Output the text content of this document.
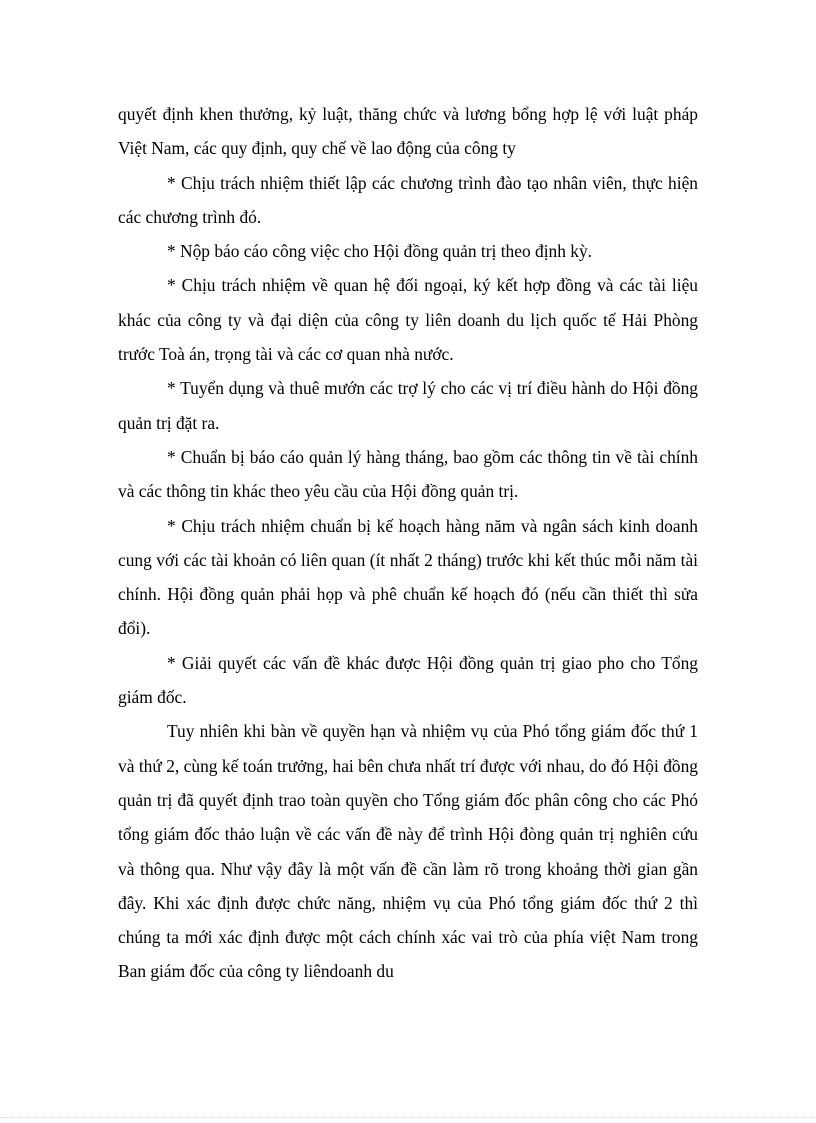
quyết định khen thưởng, kỷ luật, thăng chức và lương bổng hợp lệ với luật pháp Việt Nam, các quy định, quy chế về lao động của công ty

* Chịu trách nhiệm thiết lập các chương trình đào tạo nhân viên, thực hiện các chương trình đó.

* Nộp báo cáo công việc cho Hội đồng quản trị theo định kỳ.

* Chịu trách nhiệm về quan hệ đối ngoại, ký kết hợp đồng và các tài liệu khác của công ty và đại diện của công ty liên doanh du lịch quốc tế Hải Phòng trước Toà án, trọng tài và các cơ quan nhà nước.

* Tuyển dụng và thuê mướn các trợ lý cho các vị trí điều hành do Hội đồng quản trị đặt ra.

* Chuẩn bị báo cáo quản lý hàng tháng, bao gồm các thông tin về tài chính và các thông tin khác theo yêu cầu của Hội đồng quản trị.

* Chịu trách nhiệm chuẩn bị kế hoạch hàng năm và ngân sách kinh doanh cung với các tài khoản có liên quan (ít nhất 2 tháng) trước khi kết thúc mỗi năm tài chính. Hội đồng quản phải họp và phê chuẩn kế hoạch đó (nếu cần thiết thì sửa đổi).

* Giải quyết các vấn đề khác được Hội đồng quản trị giao pho cho Tổng giám đốc.

Tuy nhiên khi bàn về quyền hạn và nhiệm vụ của Phó tổng giám đốc thứ 1 và thứ 2, cùng kế toán trưởng, hai bên chưa nhất trí được với nhau, do đó Hội đồng quản trị đã quyết định trao toàn quyền cho Tổng giám đốc phân công cho các Phó tổng giám đốc thảo luận về các vấn đề này để trình Hội đòng quản trị nghiên cứu và thông qua. Như vậy đây là một vấn đề cần làm rõ trong khoảng thời gian gần đây. Khi xác định được chức năng, nhiệm vụ của Phó tổng giám đốc thứ 2 thì chúng ta mới xác định được một cách chính xác vai trò của phía việt Nam trong Ban giám đốc của công ty liêndoanh du
